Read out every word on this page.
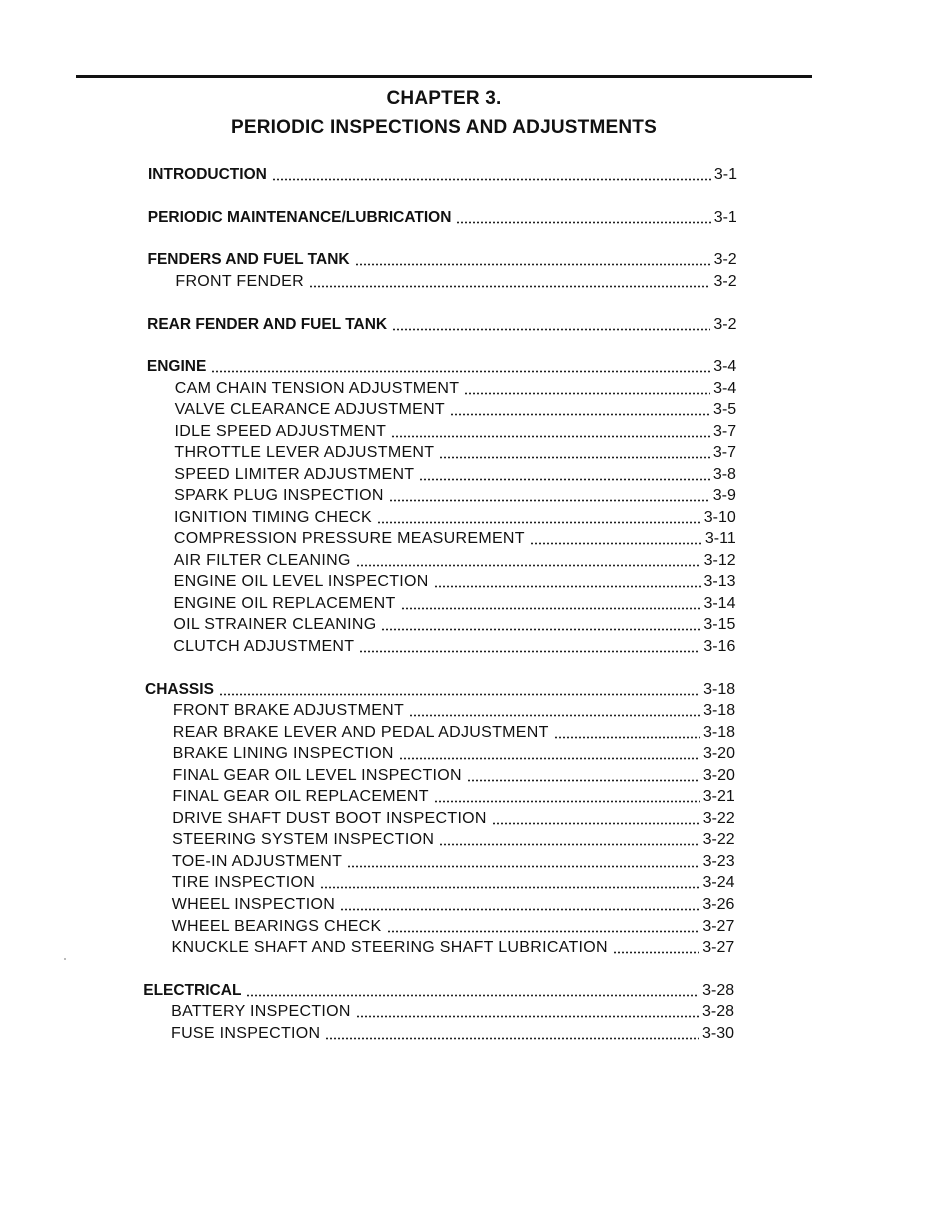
CHAPTER 3.
PERIODIC INSPECTIONS AND ADJUSTMENTS
INTRODUCTION	3-1
PERIODIC MAINTENANCE/LUBRICATION	3-1
FENDERS AND FUEL TANK	3-2
FRONT FENDER	3-2
REAR FENDER AND FUEL TANK	3-2
ENGINE	3-4
CAM CHAIN TENSION ADJUSTMENT	3-4
VALVE CLEARANCE ADJUSTMENT	3-5
IDLE SPEED ADJUSTMENT	3-7
THROTTLE LEVER ADJUSTMENT	3-7
SPEED LIMITER ADJUSTMENT	3-8
SPARK PLUG INSPECTION	3-9
IGNITION TIMING CHECK	3-10
COMPRESSION PRESSURE MEASUREMENT	3-11
AIR FILTER CLEANING	3-12
ENGINE OIL LEVEL INSPECTION	3-13
ENGINE OIL REPLACEMENT	3-14
OIL STRAINER CLEANING	3-15
CLUTCH ADJUSTMENT	3-16
CHASSIS	3-18
FRONT BRAKE ADJUSTMENT	3-18
REAR BRAKE LEVER AND PEDAL ADJUSTMENT	3-18
BRAKE LINING INSPECTION	3-20
FINAL GEAR OIL LEVEL INSPECTION	3-20
FINAL GEAR OIL REPLACEMENT	3-21
DRIVE SHAFT DUST BOOT INSPECTION	3-22
STEERING SYSTEM INSPECTION	3-22
TOE-IN ADJUSTMENT	3-23
TIRE INSPECTION	3-24
WHEEL INSPECTION	3-26
WHEEL BEARINGS CHECK	3-27
KNUCKLE SHAFT AND STEERING SHAFT LUBRICATION	3-27
ELECTRICAL	3-28
BATTERY INSPECTION	3-28
FUSE INSPECTION	3-30
